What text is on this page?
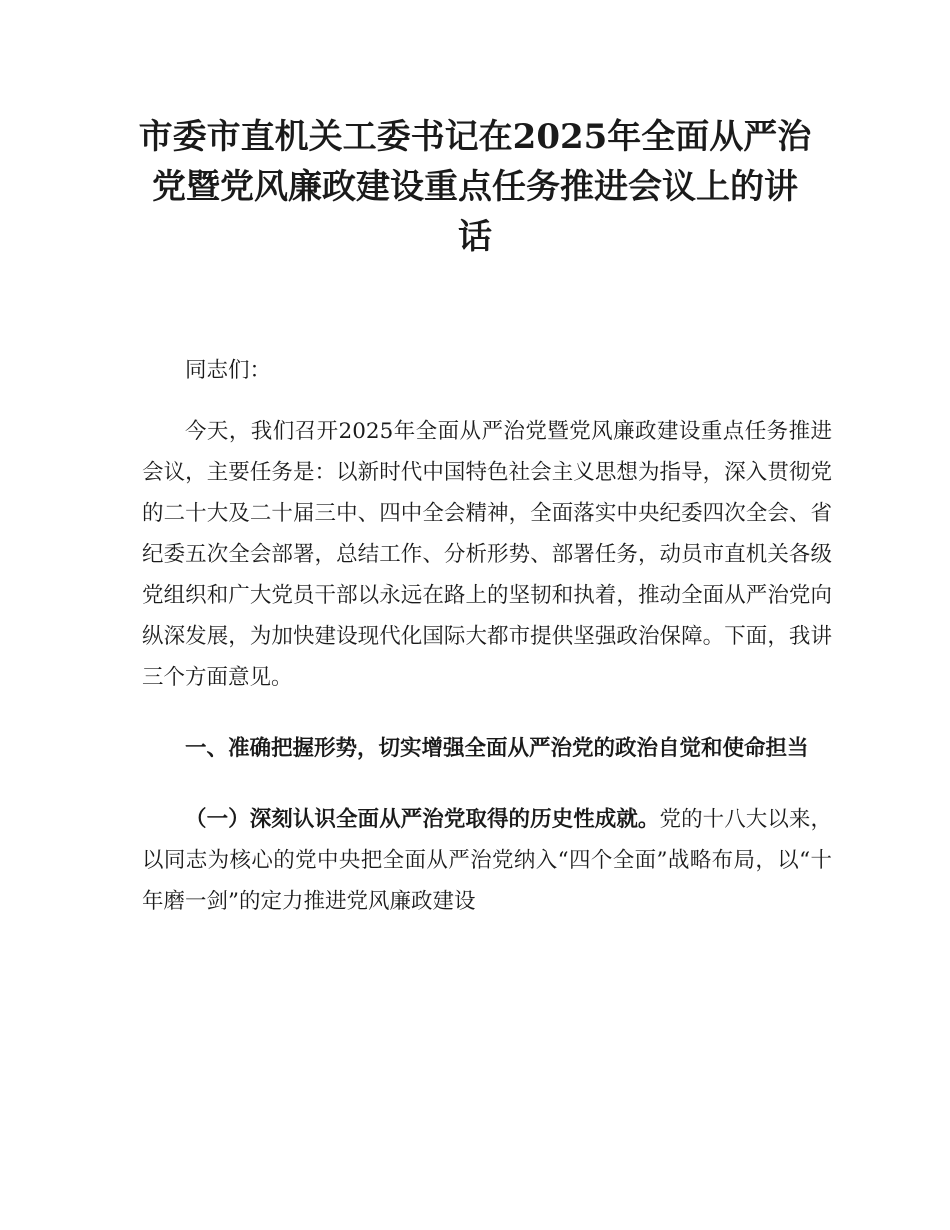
市委市直机关工委书记在2025年全面从严治
党暨党风廉政建设重点任务推进会议上的讲
话

同志们：

今天，我们召开2025年全面从严治党暨党风廉政建设重点任务推进会议，主要任务是：以新时代中国特色社会主义思想为指导，深入贯彻党的二十大及二十届三中、四中全会精神，全面落实中央纪委四次全会、省纪委五次全会部署，总结工作、分析形势、部署任务，动员市直机关各级党组织和广大党员干部以永远在路上的坚韧和执着，推动全面从严治党向纵深发展，为加快建设现代化国际大都市提供坚强政治保障。下面，我讲三个方面意见。

一、准确把握形势，切实增强全面从严治党的政治自觉和使命担当

（一）深刻认识全面从严治党取得的历史性成就。党的十八大以来，以同志为核心的党中央把全面从严治党纳入“四个全面”战略布局，以“十年磨一剑”的定力推进党风廉政建设
